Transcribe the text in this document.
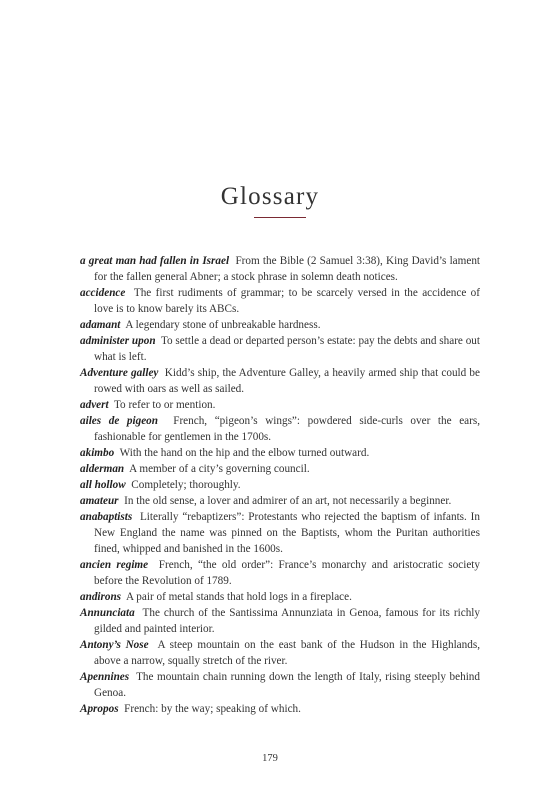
Glossary

a great man had fallen in Israel From the Bible (2 Samuel 3:38), King David’s lament for the fallen general Abner; a stock phrase in solemn death notices.

accidence The first rudiments of grammar; to be scarcely versed in the accidence of love is to know barely its ABCs.

adamant A legendary stone of unbreakable hardness.

administer upon To settle a dead or departed person’s estate: pay the debts and share out what is left.

Adventure galley Kidd’s ship, the Adventure Galley, a heavily armed ship that could be rowed with oars as well as sailed.

advert To refer to or mention.

ailes de pigeon French, “pigeon’s wings”: powdered side-curls over the ears, fashionable for gentlemen in the 1700s.

akimbo With the hand on the hip and the elbow turned outward.

alderman A member of a city’s governing council.

all hollow Completely; thoroughly.

amateur In the old sense, a lover and admirer of an art, not necessarily a beginner.

anabaptists Literally “rebaptizers”: Protestants who rejected the baptism of infants. In New England the name was pinned on the Baptists, whom the Puritan authorities fined, whipped and banished in the 1600s.

ancien regime French, “the old order”: France’s monarchy and aristocratic society before the Revolution of 1789.

andirons A pair of metal stands that hold logs in a fireplace.

Annunciata The church of the Santissima Annunziata in Genoa, famous for its richly gilded and painted interior.

Antony’s Nose A steep mountain on the east bank of the Hudson in the Highlands, above a narrow, squally stretch of the river.

Apennines The mountain chain running down the length of Italy, rising steeply behind Genoa.

Apropos French: by the way; speaking of which.

179
